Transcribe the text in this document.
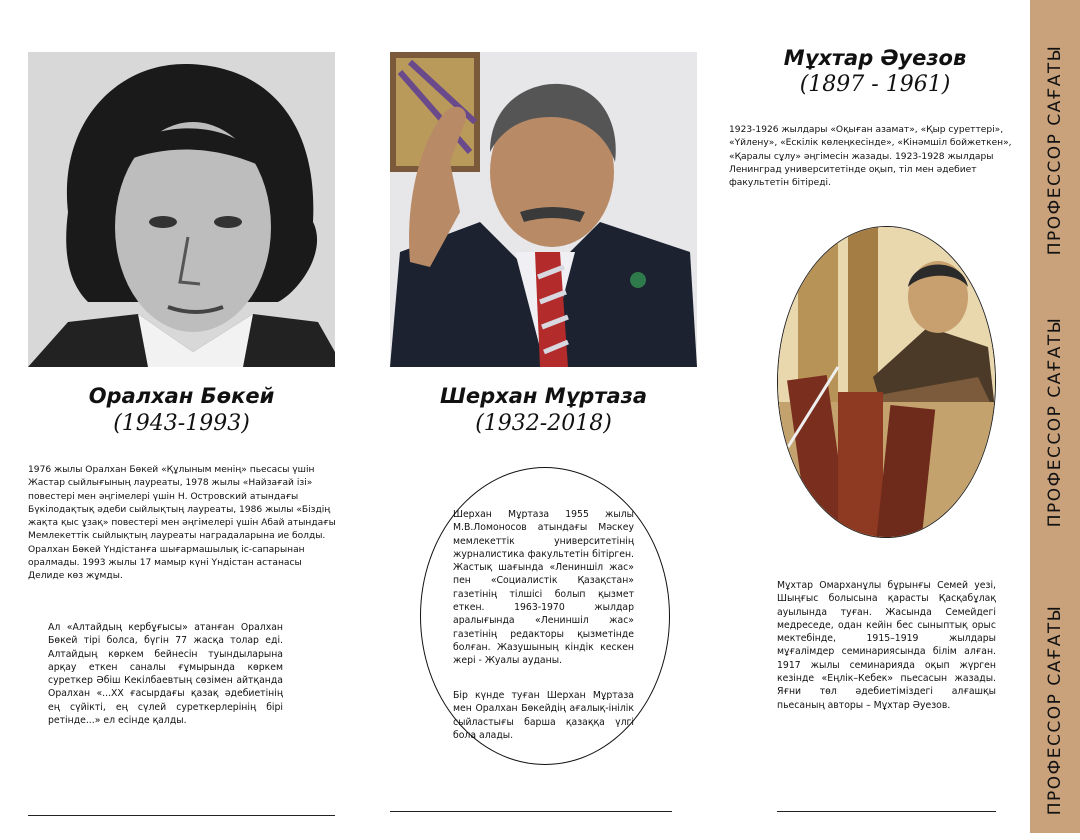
Оралхан Бөкей
(1943-1993)
Шерхан Мұртаза
(1932-2018)
Мұхтар Әуезов
(1897 - 1961)
1976 жылы Оралхан Бөкей «Құлыным менің» пьесасы үшін Жастар сыйлығының лауреаты, 1978 жылы «Найзағай ізі» повестері мен әңгімелері үшін Н. Островский атындағы Бүкілодақтық әдеби сыйлықтың лауреаты, 1986 жылы «Біздің жақта қыс ұзақ» повестері мен әңгімелері үшін Абай атындағы Мемлекеттік сыйлықтың лауреаты наградаларына ие болды. Оралхан Бөкей Үндістанға шығармашылық іс-сапарынан оралмады. 1993 жылы 17 мамыр күні Үндістан астанасы Делиде көз жұмды.
Ал «Алтайдың кербұғысы» атанған Оралхан Бөкей тірі болса, бүгін 77 жасқа толар еді. Алтайдың көркем бейнесін туындыларына арқау еткен саналы ғұмырында көркем суреткер Әбіш Кекілбаевтың сөзімен айтқанда Оралхан «...ХХ ғасырдағы қазақ әдебиетінің ең сүйікті, ең сүлей суреткерлерінің бірі ретінде...» ел есінде қалды.
Шерхан Мұртаза 1955 жылы М.В.Ломоносов атындағы Мәскеу мемлекеттік университетінің журналистика факультетін бітірген. Жастық шағында «Лениншіл жас» пен «Социалистік Қазақстан» газетінің тілшісі болып қызмет еткен. 1963-1970 жылдар аралығында «Лениншіл жас» газетінің редакторы қызметінде болған. Жазушының кіндік кескен жері - Жуалы ауданы.
Бір күнде туған Шерхан Мұртаза мен Оралхан Бөкейдің ағалық-інілік сыйластығы барша қазаққа үлгі бола алады.
1923-1926 жылдары «Оқыған азамат», «Қыр суреттері», «Үйлену», «Ескілік көлеңкесінде», «Кінәмшіл бойжеткен», «Қаралы сұлу» әңгімесін жазады. 1923-1928 жылдары Ленинград университетінде оқып, тіл мен әдебиет факультетін бітіреді.
Мұхтар Омарханұлы бұрынғы Семей уезі, Шыңғыс болысына қарасты Қасқабұлақ ауылында туған. Жасында Семейдегі медреседе, одан кейін бес сыныптық орыс мектебінде, 1915–1919 жылдары мұғалімдер семинариясында білім алған. 1917 жылы семинарияда оқып жүрген кезінде «Еңлік–Кебек» пьесасын жазады. Яғни төл әдебиетіміздегі алғашқы пьесаның авторы – Мұхтар Әуезов.
ПРОФЕССОР САҒАТЫ
ПРОФЕССОР САҒАТЫ
ПРОФЕССОР САҒАТЫ
